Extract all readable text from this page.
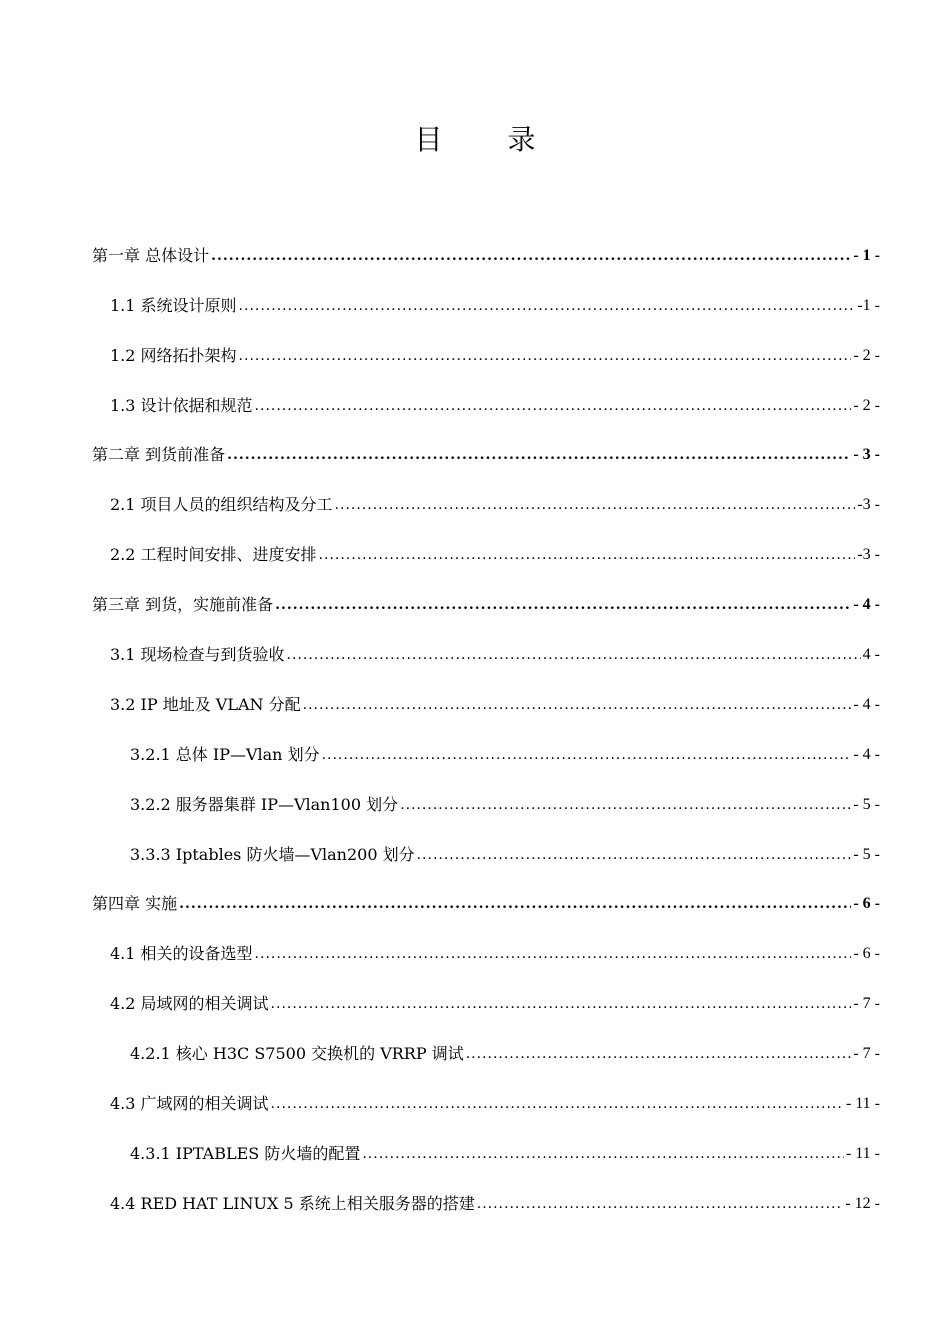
目 录
第一章 总体设计 .....	- 1 -
1.1 系统设计原则 .....	-1 -
1.2 网络拓扑架构 .....	- 2 -
1.3 设计依据和规范 .....	- 2 -
第二章 到货前准备 .....	- 3 -
2.1 项目人员的组织结构及分工 .....	-3 -
2.2 工程时间安排、进度安排 .....	-3 -
第三章 到货，实施前准备 .....	- 4 -
3.1 现场检查与到货验收 .....	4 -
3.2 IP 地址及 VLAN 分配 .....	- 4 -
3.2.1 总体 IP—Vlan 划分 .....	- 4 -
3.2.2 服务器集群 IP—Vlan100 划分 .....	- 5 -
3.3.3 Iptables 防火墙—Vlan200 划分 .....	- 5 -
第四章 实施 .....	- 6 -
4.1 相关的设备选型 .....	- 6 -
4.2 局域网的相关调试 .....	- 7 -
4.2.1 核心 H3C S7500 交换机的 VRRP 调试 .....	- 7 -
4.3 广域网的相关调试 .....	- 11 -
4.3.1 IPTABLES 防火墙的配置 .....	- 11 -
4.4 RED HAT LINUX 5 系统上相关服务器的搭建 .....	- 12 -
